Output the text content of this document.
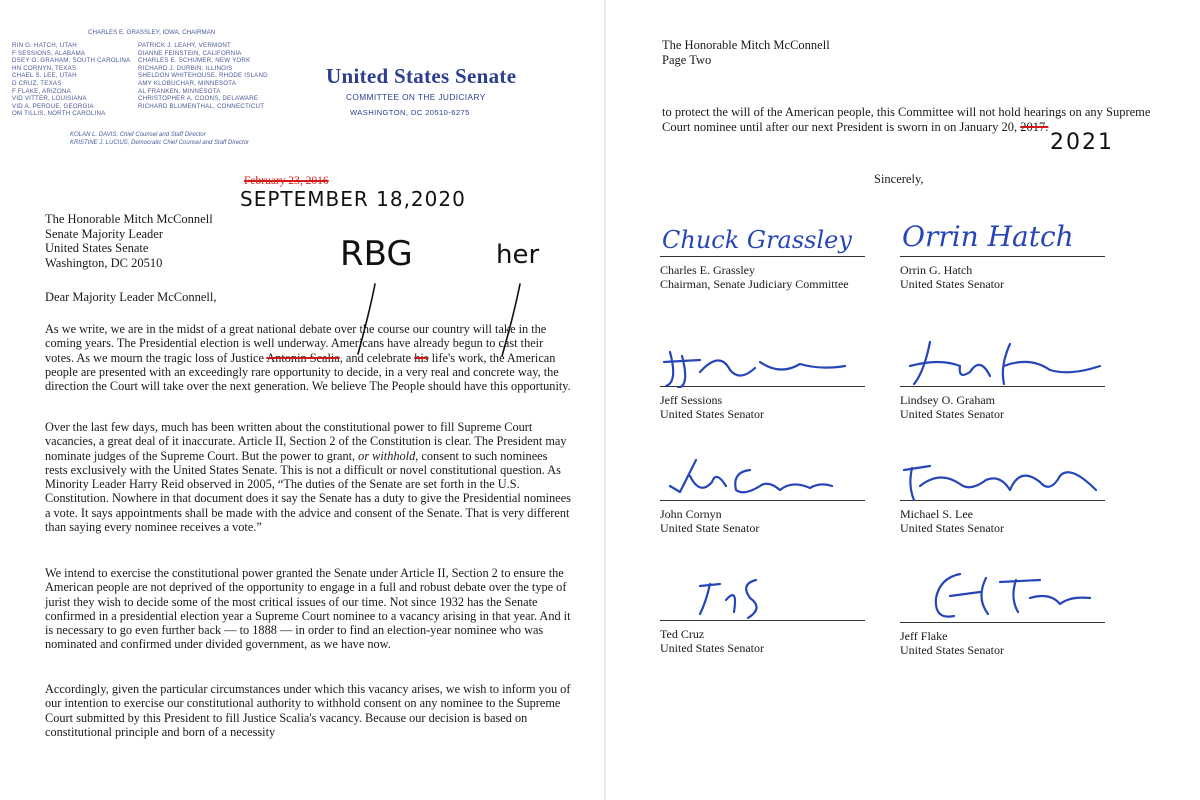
CHARLES E. GRASSLEY, IOWA, CHAIRMAN
RIN G. HATCH, UTAH
F SESSIONS, ALABAMA
DSEY O. GRAHAM, SOUTH CAROLINA
HN CORNYN, TEXAS
CHAEL S. LEE, UTAH
D CRUZ, TEXAS
F FLAKE, ARIZONA
VID VITTER, LOUISIANA
VID A. PERDUE, GEORGIA
OM TILLIS, NORTH CAROLINA
PATRICK J. LEAHY, VERMONT
DIANNE FEINSTEIN, CALIFORNIA
CHARLES E. SCHUMER, NEW YORK
RICHARD J. DURBIN, ILLINOIS
SHELDON WHITEHOUSE, RHODE ISLAND
AMY KLOBUCHAR, MINNESOTA
AL FRANKEN, MINNESOTA
CHRISTOPHER A. COONS, DELAWARE
RICHARD BLUMENTHAL, CONNECTICUT
KOLAN L. DAVIS, Chief Counsel and Staff Director
KRISTINE J. LUCIUS, Democratic Chief Counsel and Staff Director
United States Senate
COMMITTEE ON THE JUDICIARY
WASHINGTON, DC 20510-6275
February 23, 2016
SEPTEMBER 18,2020
RBG	her
The Honorable Mitch McConnell
Senate Majority Leader
United States Senate
Washington, DC 20510
Dear Majority Leader McConnell,
As we write, we are in the midst of a great national debate over the course our country will take in the coming years. The Presidential election is well underway. Americans have already begun to cast their votes. As we mourn the tragic loss of Justice Antonin Scalia, and celebrate his life's work, the American people are presented with an exceedingly rare opportunity to decide, in a very real and concrete way, the direction the Court will take over the next generation. We believe The People should have this opportunity.
Over the last few days, much has been written about the constitutional power to fill Supreme Court vacancies, a great deal of it inaccurate. Article II, Section 2 of the Constitution is clear. The President may nominate judges of the Supreme Court. But the power to grant, or withhold, consent to such nominees rests exclusively with the United States Senate. This is not a difficult or novel constitutional question. As Minority Leader Harry Reid observed in 2005, “The duties of the Senate are set forth in the U.S. Constitution. Nowhere in that document does it say the Senate has a duty to give the Presidential nominees a vote. It says appointments shall be made with the advice and consent of the Senate. That is very different than saying every nominee receives a vote.”
We intend to exercise the constitutional power granted the Senate under Article II, Section 2 to ensure the American people are not deprived of the opportunity to engage in a full and robust debate over the type of jurist they wish to decide some of the most critical issues of our time. Not since 1932 has the Senate confirmed in a presidential election year a Supreme Court nominee to a vacancy arising in that year. And it is necessary to go even further back — to 1888 — in order to find an election-year nominee who was nominated and confirmed under divided government, as we have now.
Accordingly, given the particular circumstances under which this vacancy arises, we wish to inform you of our intention to exercise our constitutional authority to withhold consent on any nominee to the Supreme Court submitted by this President to fill Justice Scalia's vacancy. Because our decision is based on constitutional principle and born of a necessity
The Honorable Mitch McConnell
Page Two
to protect the will of the American people, this Committee will not hold hearings on any Supreme Court nominee until after our next President is sworn in on January 20, 2017.
2021
Sincerely,
Chuck Grassley
Charles E. Grassley
Chairman, Senate Judiciary Committee
Orrin Hatch
Orrin G. Hatch
United States Senator
Jeff Sessions
United States Senator
Lindsey O. Graham
United States Senator
John Cornyn
United State Senator
Michael S. Lee
United States Senator
Ted Cruz
United States Senator
Jeff Flake
United States Senator
